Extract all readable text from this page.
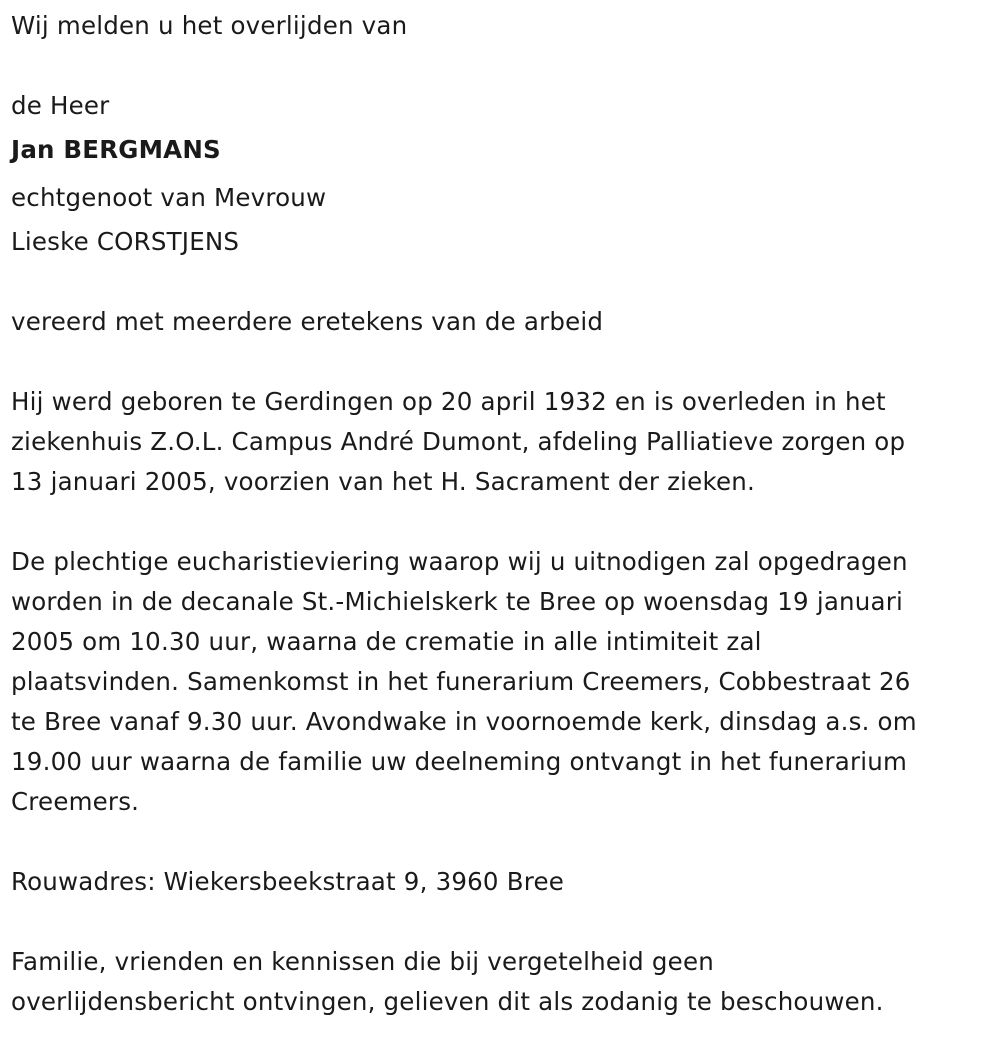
Wij melden u het overlijden van

de Heer

Jan BERGMANS

echtgenoot van Mevrouw

Lieske CORSTJENS

vereerd met meerdere eretekens van de arbeid

Hij werd geboren te Gerdingen op 20 april 1932 en is overleden in het

ziekenhuis Z.O.L. Campus André Dumont, afdeling Palliatieve zorgen op

13 januari 2005, voorzien van het H. Sacrament der zieken.

De plechtige eucharistieviering waarop wij u uitnodigen zal opgedragen

worden in de decanale St.-Michielskerk te Bree op woensdag 19 januari

2005 om 10.30 uur, waarna de crematie in alle intimiteit zal

plaatsvinden. Samenkomst in het funerarium Creemers, Cobbestraat 26

te Bree vanaf 9.30 uur. Avondwake in voornoemde kerk, dinsdag a.s. om

19.00 uur waarna de familie uw deelneming ontvangt in het funerarium

Creemers.

Rouwadres: Wiekersbeekstraat 9, 3960 Bree

Familie, vrienden en kennissen die bij vergetelheid geen

overlijdensbericht ontvingen, gelieven dit als zodanig te beschouwen.
